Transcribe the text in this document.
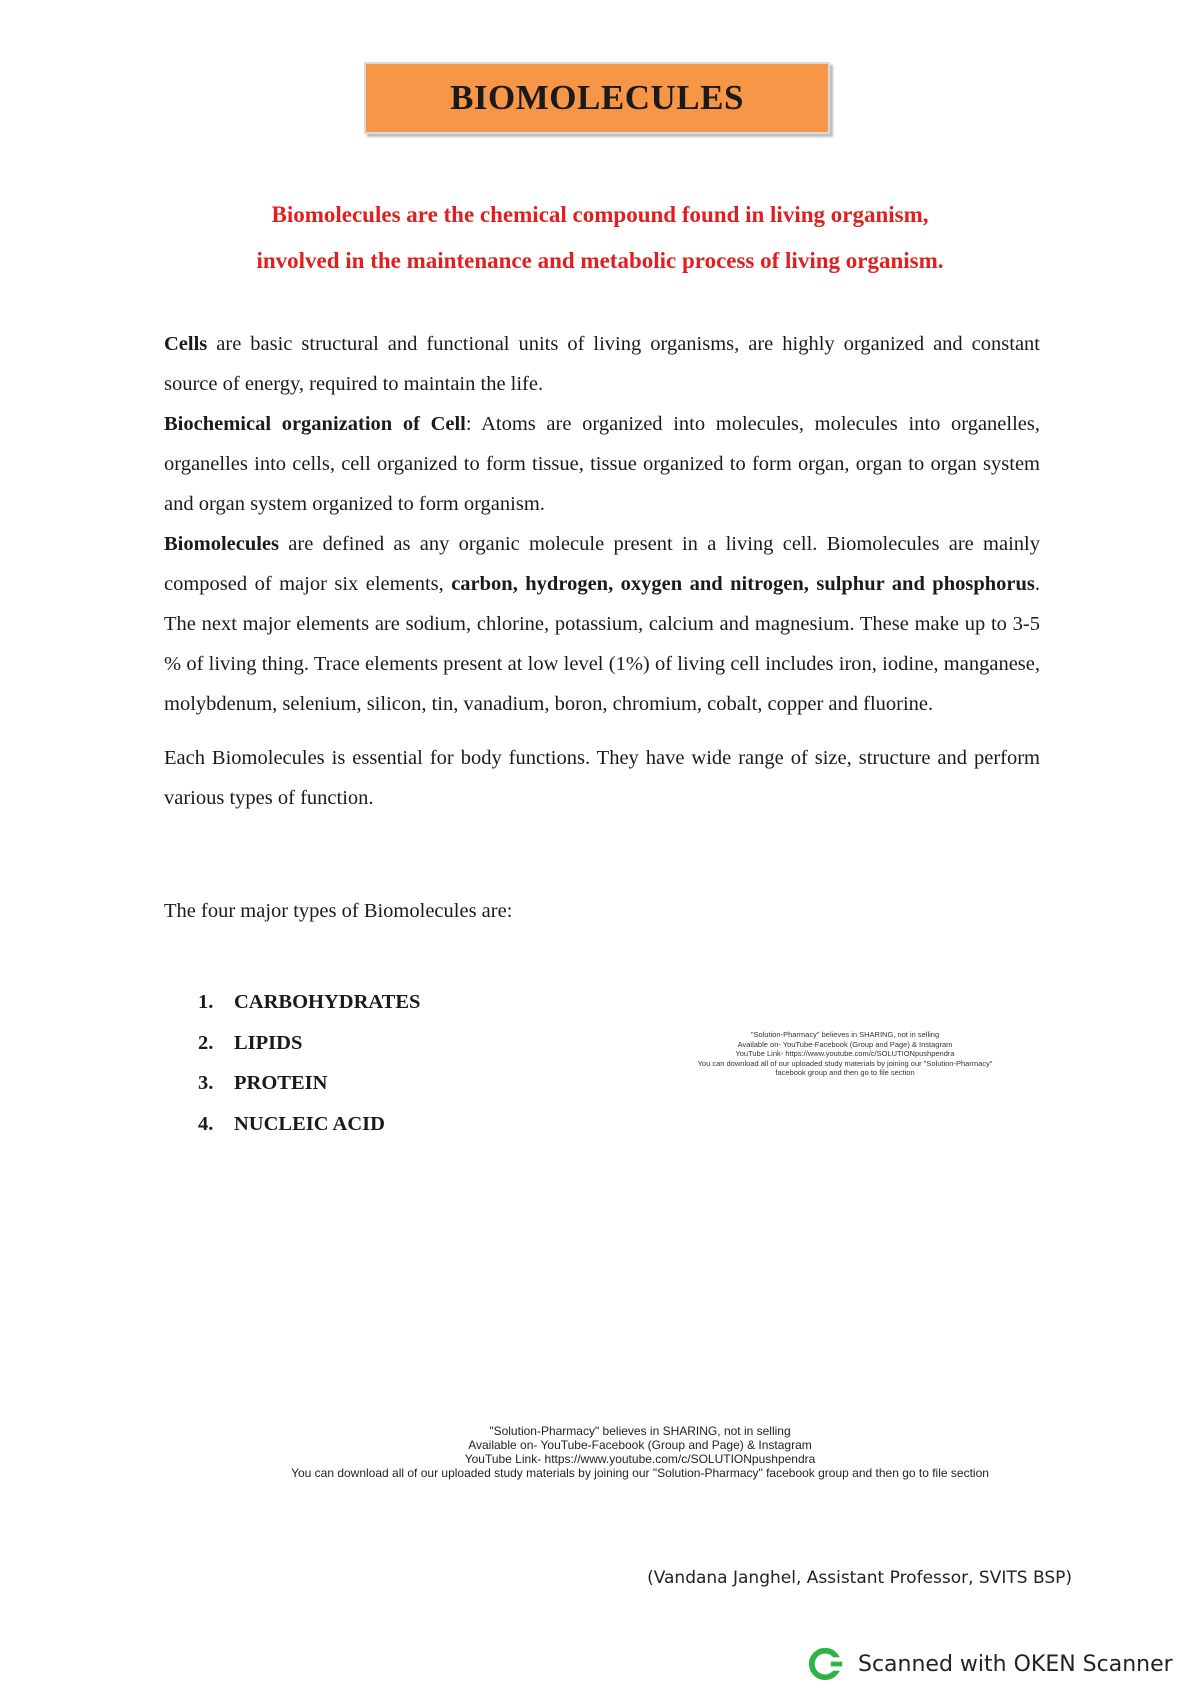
BIOMOLECULES
Biomolecules are the chemical compound found in living organism,
involved in the maintenance and metabolic process of living organism.

Cells are basic structural and functional units of living organisms, are highly organized and constant source of energy, required to maintain the life.

Biochemical organization of Cell: Atoms are organized into molecules, molecules into organelles, organelles into cells, cell organized to form tissue, tissue organized to form organ, organ to organ system and organ system organized to form organism.

Biomolecules are defined as any organic molecule present in a living cell. Biomolecules are mainly composed of major six elements, carbon, hydrogen, oxygen and nitrogen, sulphur and phosphorus. The next major elements are sodium, chlorine, potassium, calcium and magnesium. These make up to 3-5 % of living thing. Trace elements present at low level (1%) of living cell includes iron, iodine, manganese, molybdenum, selenium, silicon, tin, vanadium, boron, chromium, cobalt, copper and fluorine.

Each Biomolecules is essential for body functions. They have wide range of size, structure and perform various types of function.

The four major types of Biomolecules are:
1. CARBOHYDRATES
2. LIPIDS
3. PROTEIN
4. NUCLEIC ACID
"Solution-Pharmacy" believes in SHARING, not in selling
Available on- YouTube-Facebook (Group and Page) & Instagram
YouTube Link- https://www.youtube.com/c/SOLUTIONpushpendra
You can download all of our uploaded study materials by joining our "Solution-Pharmacy"
facebook group and then go to file section
"Solution-Pharmacy" believes in SHARING, not in selling
Available on- YouTube-Facebook (Group and Page) & Instagram
YouTube Link- https://www.youtube.com/c/SOLUTIONpushpendra
You can download all of our uploaded study materials by joining our "Solution-Pharmacy" facebook group and then go to file section
(Vandana Janghel, Assistant Professor, SVITS BSP)
Scanned with OKEN Scanner
